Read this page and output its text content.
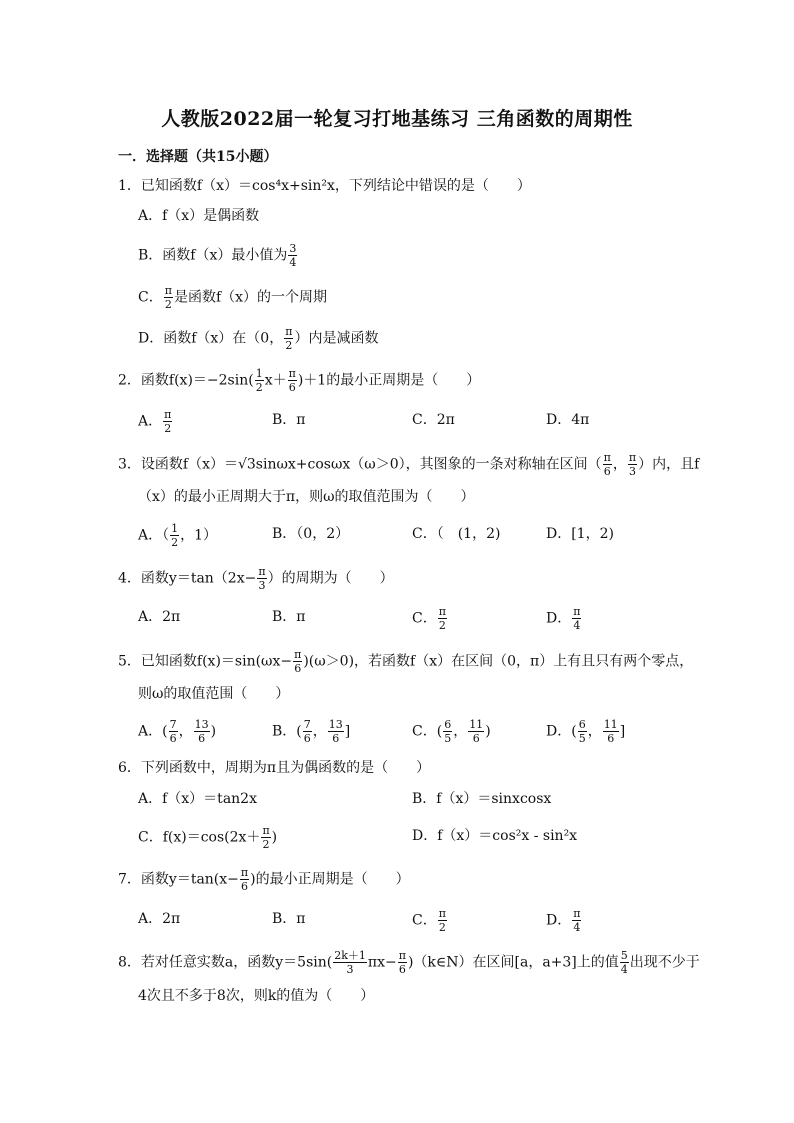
人教版2022届一轮复习打地基练习 三角函数的周期性
一．选择题（共15小题）
1．已知函数f（x）＝cos⁴x+sin²x，下列结论中错误的是（　　）
A．f（x）是偶函数
B．函数f（x）最小值为 $\frac{3}{4}$
C． $\frac{\pi}{2}$ 是函数f（x）的一个周期
D．函数f（x）在（0， $\frac{\pi}{2}$ ）内是减函数
2．函数$f(x)=-2\sin( \frac{1}{2} x+ \frac{\pi}{6} )+1$的最小正周期是（　　）
A． $\frac{\pi}{2}$	B．π	C．2π	D．4π
3．设函数f（x）＝√3sinωx+cosωx（ω＞0），其图象的一条对称轴在区间（ $\frac{\pi}{6}$ ， $\frac{\pi}{3}$ ）内，且f
（x）的最小正周期大于π，则ω的取值范围为（　　）
A．（ $\frac{1}{2}$ ，1）	B．（0，2）	C．（　(1，2)	D．[1，2)
4．函数$y=\tan(2x- \frac{\pi}{3}$ ）的周期为（　　）
A．2π	B．π	C． $\frac{\pi}{2}$	D． $\frac{\pi}{4}$
5．已知函数$f(x)=\sin(\omega x- \frac{\pi}{6} )(\omega>0)$，若函数f（x）在区间（0，π）上有且只有两个零点，
则ω的取值范围（　　）
A．( $\frac{7}{6}$ ， $\frac{13}{6}$ )	B．( $\frac{7}{6}$ ， $\frac{13}{6}$ ]	C．( $\frac{6}{5}$ ， $\frac{11}{6}$ )	D．( $\frac{6}{5}$ ， $\frac{11}{6}$ ]
6．下列函数中，周期为π且为偶函数的是（　　）
A．f（x）＝tan2x	B．f（x）＝sinxcosx
C．$f(x)=\cos(2x+ \frac{\pi}{2}$ )	D．f（x）＝cos²x - sin²x
7．函数$y=\tan(x- \frac{\pi}{6}$ )的最小正周期是（　　）
A．2π	B．π	C． $\frac{\pi}{2}$	D． $\frac{\pi}{4}$
8．若对任意实数a，函数$y=5\sin( \frac{2k+1}{3} \pi x- \frac{\pi}{6}$ )（k∈N）在区间[a，a+3]上的值 $\frac{5}{4}$ 出现不少于
4次且不多于8次，则k的值为（　　）
